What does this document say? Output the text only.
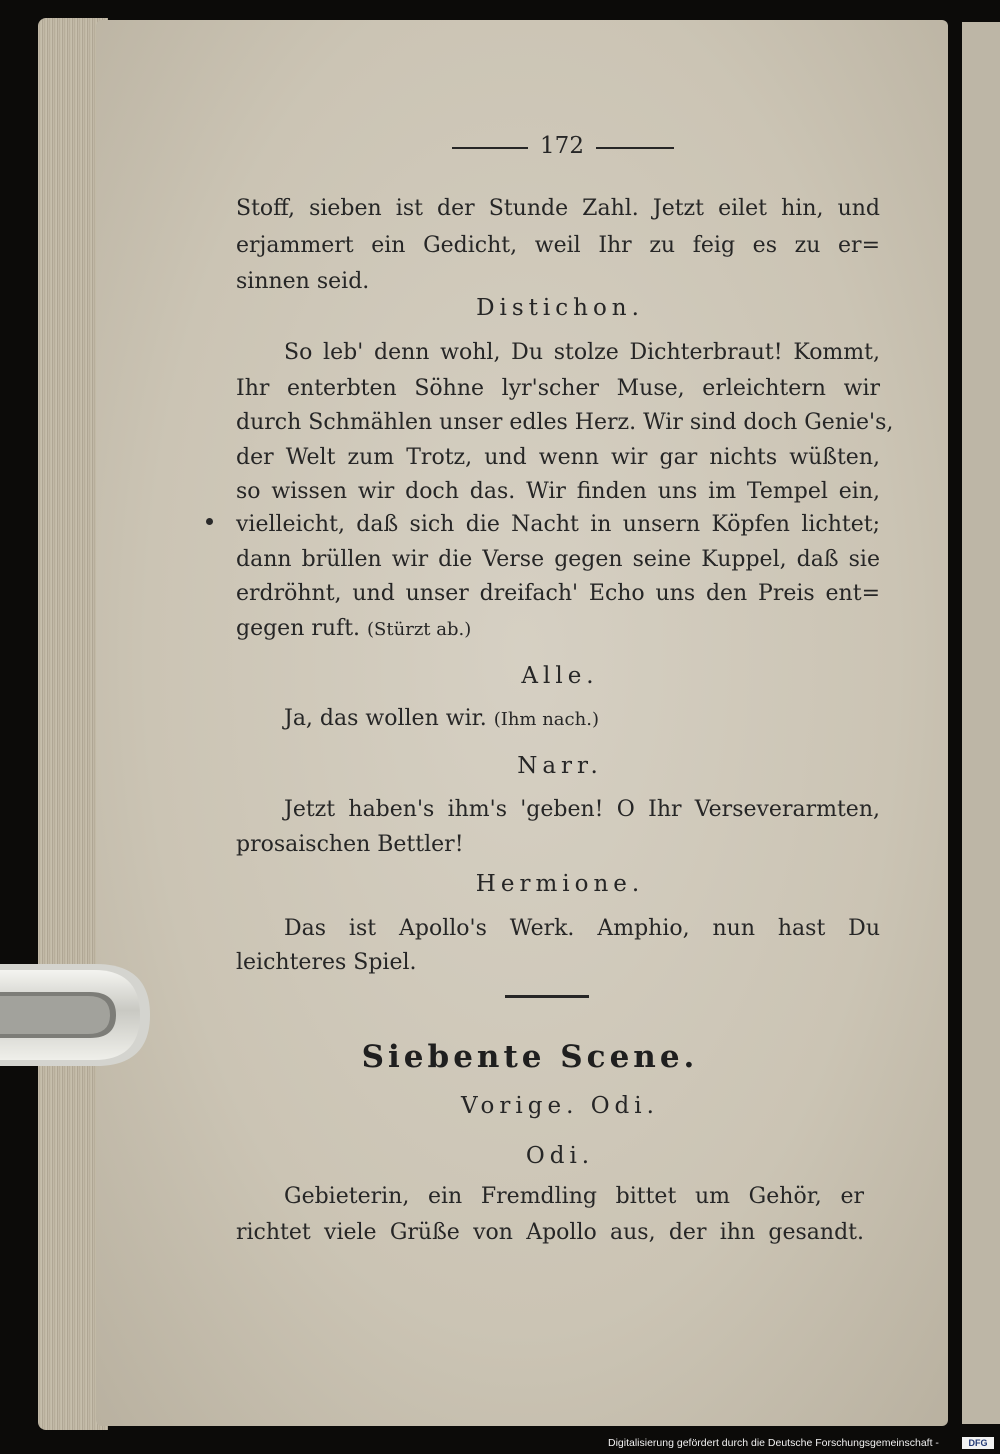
172

Stoff, sieben ist der Stunde Zahl. Jetzt eilet hin, und

erjammert ein Gedicht, weil Ihr zu feig es zu er=

sinnen seid.

Distichon.

So leb' denn wohl, Du stolze Dichterbraut! Kommt,

Ihr enterbten Söhne lyr'scher Muse, erleichtern wir

durch Schmählen unser edles Herz. Wir sind doch Genie's,

der Welt zum Trotz, und wenn wir gar nichts wüßten,

so wissen wir doch das. Wir finden uns im Tempel ein,

vielleicht, daß sich die Nacht in unsern Köpfen lichtet;

dann brüllen wir die Verse gegen seine Kuppel, daß sie

erdröhnt, und unser dreifach' Echo uns den Preis ent=

gegen ruft. (Stürzt ab.)

Alle.

Ja, das wollen wir. (Ihm nach.)

Narr.

Jetzt haben's ihm's 'geben! O Ihr Verseverarmten,

prosaischen Bettler!

Hermione.

Das ist Apollo's Werk. Amphio, nun hast Du

leichteres Spiel.

Siebente Scene.
Vorige. Odi.
Odi.

Gebieterin, ein Fremdling bittet um Gehör, er

richtet viele Grüße von Apollo aus, der ihn gesandt.

Digitalisierung gefördert durch die Deutsche Forschungsgemeinschaft -	DFG
